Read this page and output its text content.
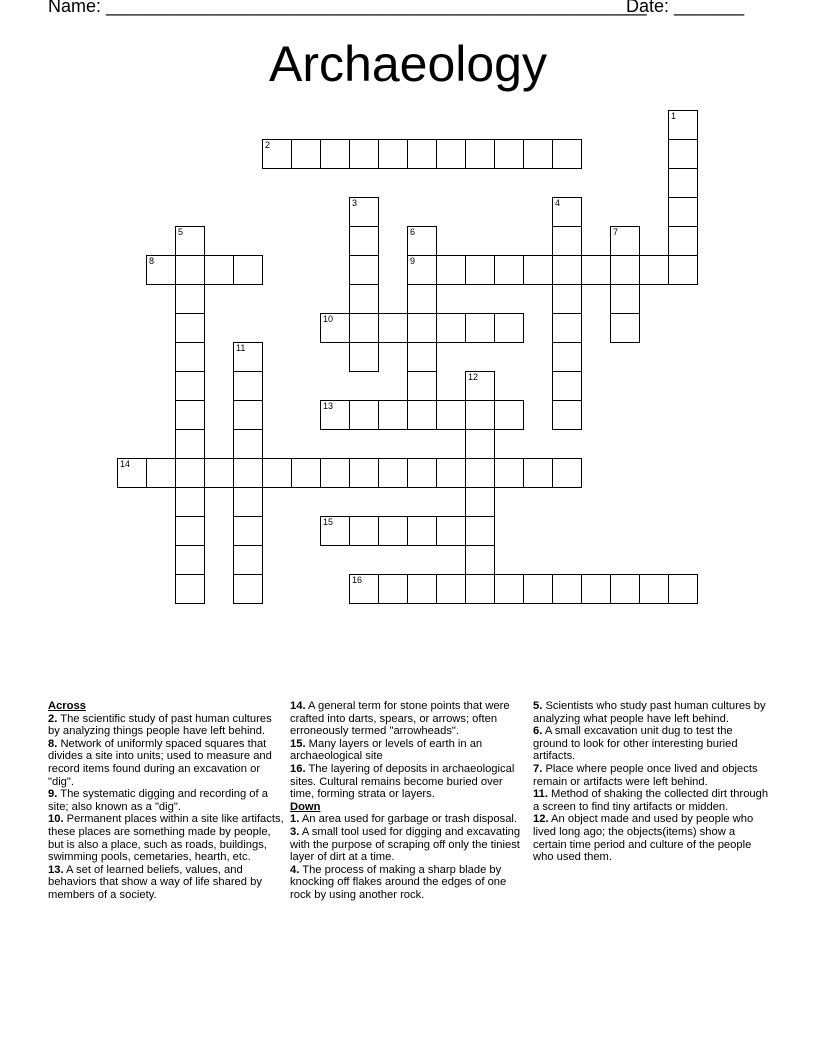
Name: ______________________________________________________
Date: _______
Archaeology
1
2
3	4
5	6	7
8	9
10
11
12
13
14
15
16
Across
2. The scientific study of past human cultures by analyzing things people have left behind.
8. Network of uniformly spaced squares that divides a site into units; used to measure and record items found during an excavation or "dig".
9. The systematic digging and recording of a site; also known as a "dig".
10. Permanent places within a site like artifacts, these places are something made by people, but is also a place, such as roads, buildings, swimming pools, cemetaries, hearth, etc.
13. A set of learned beliefs, values, and behaviors that show a way of life shared by members of a society.
14. A general term for stone points that were crafted into darts, spears, or arrows; often erroneously termed "arrowheads".
15. Many layers or levels of earth in an archaeological site
16. The layering of deposits in archaeological sites. Cultural remains become buried over time, forming strata or layers.
Down
1. An area used for garbage or trash disposal.
3. A small tool used for digging and excavating with the purpose of scraping off only the tiniest layer of dirt at a time.
4. The process of making a sharp blade by knocking off flakes around the edges of one rock by using another rock.
5. Scientists who study past human cultures by analyzing what people have left behind.
6. A small excavation unit dug to test the ground to look for other interesting buried artifacts.
7. Place where people once lived and objects remain or artifacts were left behind.
11. Method of shaking the collected dirt through a screen to find tiny artifacts or midden.
12. An object made and used by people who lived long ago; the objects(items) show a certain time period and culture of the people who used them.
